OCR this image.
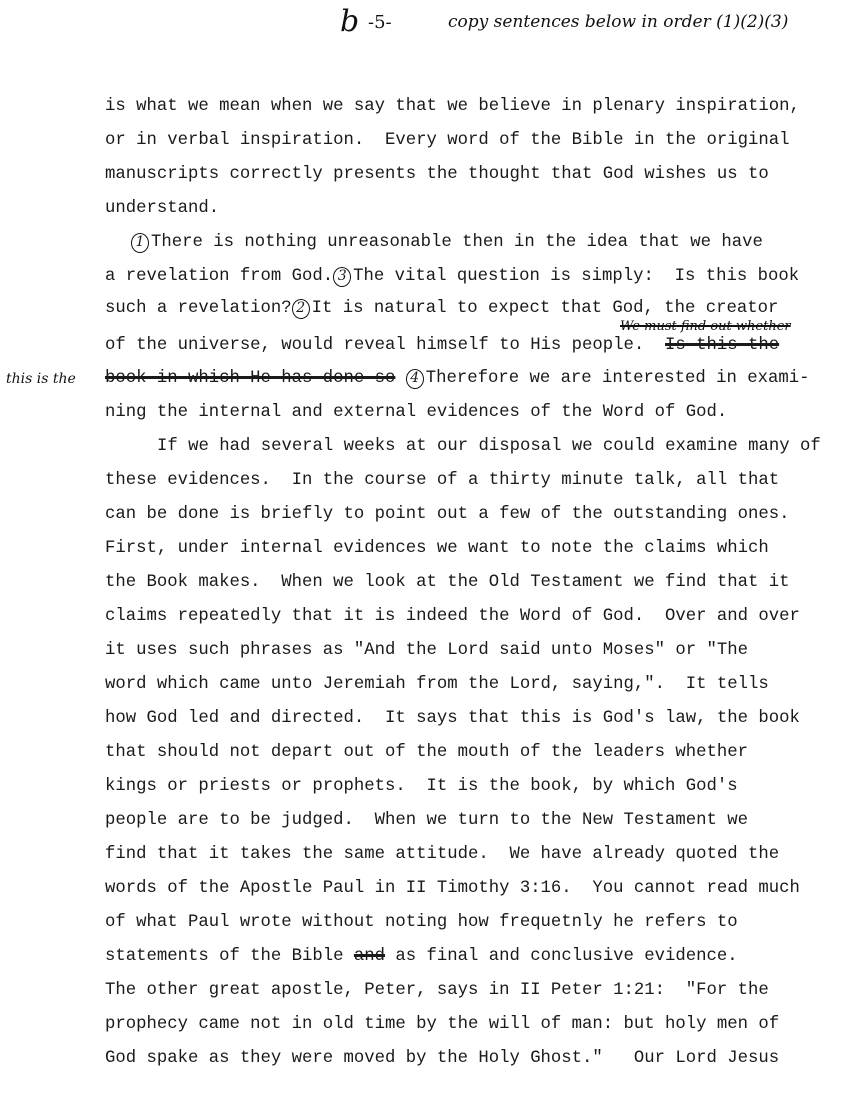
b -5-	copy sentences below in order (1)(2)(3)
is what we mean when we say that we believe in plenary inspiration,
or in verbal inspiration.  Every word of the Bible in the original
manuscripts correctly presents the thought that God wishes us to
understand.
1 There is nothing unreasonable then in the idea that we have
a revelation from God. 3 The vital question is simply:  Is this book
such a revelation? 2 It is natural to expect that God, the creator
We must find out whether
of the universe, would reveal himself to His people. Is this the
this is the book in which He has done so 4 Therefore we are interested in exami-
ning the internal and external evidences of the Word of God.
If we had several weeks at our disposal we could examine many of
these evidences.  In the course of a thirty minute talk, all that
can be done is briefly to point out a few of the outstanding ones.
First, under internal evidences we want to note the claims which
the Book makes.  When we look at the Old Testament we find that it
claims repeatedly that it is indeed the Word of God.  Over and over
it uses such phrases as "And the Lord said unto Moses" or "The
word which came unto Jeremiah from the Lord, saying,".  It tells
how God led and directed.  It says that this is God's law, the book
that should not depart out of the mouth of the leaders whether
kings or priests or prophets.  It is the book, by which God's
people are to be judged.  When we turn to the New Testament we
find that it takes the same attitude.  We have already quoted the
words of the Apostle Paul in II Timothy 3:16.  You cannot read much
of what Paul wrote without noting how frequetnly he refers to
statements of the Bible and as final and conclusive evidence.
The other great apostle, Peter, says in II Peter 1:21:  "For the
prophecy came not in old time by the will of man: but holy men of
God spake as they were moved by the Holy Ghost."   Our Lord Jesus
